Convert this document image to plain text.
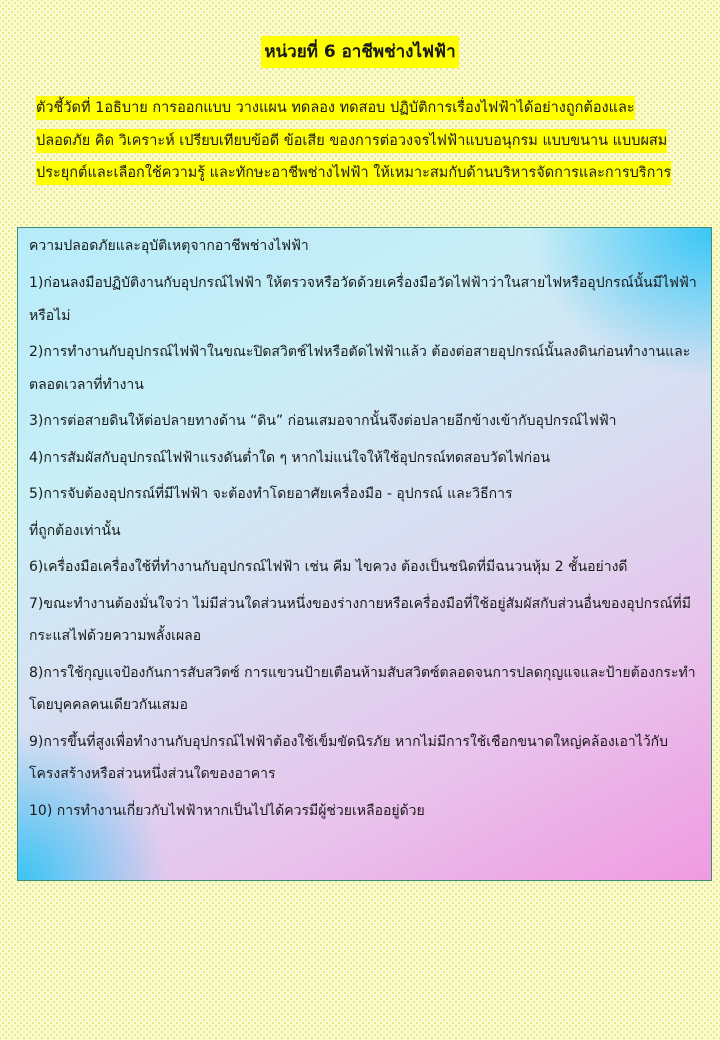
หน่วยที่ 6 อาชีพช่างไฟฟ้า

ตัวชี้วัดที่ 1อธิบาย การออกแบบ วางแผน ทดลอง ทดสอบ ปฏิบัติการเรื่องไฟฟ้าได้อย่างถูกต้องและปลอดภัย คิด วิเคราะห์ เปรียบเทียบข้อดี ข้อเสีย ของการต่อวงจรไฟฟ้าแบบอนุกรม แบบขนาน แบบผสม ประยุกต์และเลือกใช้ความรู้ และทักษะอาชีพช่างไฟฟ้า ให้เหมาะสมกับด้านบริหารจัดการและการบริการ

ความปลอดภัยและอุบัติเหตุจากอาชีพช่างไฟฟ้า
1)ก่อนลงมือปฏิบัติงานกับอุปกรณ์ไฟฟ้า ให้ตรวจหรือวัดด้วยเครื่องมือวัดไฟฟ้าว่าในสายไฟหรืออุปกรณ์นั้นมีไฟฟ้าหรือไม่
2)การทำงานกับอุปกรณ์ไฟฟ้าในขณะปิดสวิตช์ไฟหรือตัดไฟฟ้าแล้ว ต้องต่อสายอุปกรณ์นั้นลงดินก่อนทำงานและตลอดเวลาที่ทำงาน
3)การต่อสายดินให้ต่อปลายทางด้าน “ดิน” ก่อนเสมอจากนั้นจึงต่อปลายอีกข้างเข้ากับอุปกรณ์ไฟฟ้า
4)การสัมผัสกับอุปกรณ์ไฟฟ้าแรงดันต่ำใด ๆ หากไม่แน่ใจให้ใช้อุปกรณ์ทดสอบวัดไฟก่อน
5)การจับต้องอุปกรณ์ที่มีไฟฟ้า จะต้องทำโดยอาศัยเครื่องมือ - อุปกรณ์ และวิธีการ
ที่ถูกต้องเท่านั้น
6)เครื่องมือเครื่องใช้ที่ทำงานกับอุปกรณ์ไฟฟ้า เช่น คีม ไขควง ต้องเป็นชนิดที่มีฉนวนหุ้ม 2 ชั้นอย่างดี
7)ขณะทำงานต้องมั่นใจว่า ไม่มีส่วนใดส่วนหนึ่งของร่างกายหรือเครื่องมือที่ใช้อยู่สัมผัสกับส่วนอื่นของอุปกรณ์ที่มีกระแสไฟด้วยความพลั้งเผลอ
8)การใช้กุญแจป้องกันการสับสวิตซ์ การแขวนป้ายเตือนห้ามสับสวิตซ์ตลอดจนการปลดกุญแจและป้ายต้องกระทำโดยบุคคลคนเดียวกันเสมอ
9)การขึ้นที่สูงเพื่อทำงานกับอุปกรณ์ไฟฟ้าต้องใช้เข็มขัดนิรภัย หากไม่มีการใช้เชือกขนาดใหญ่คล้องเอาไว้กับโครงสร้างหรือส่วนหนึ่งส่วนใดของอาคาร
10) การทำงานเกี่ยวกับไฟฟ้าหากเป็นไปได้ควรมีผู้ช่วยเหลืออยู่ด้วย
